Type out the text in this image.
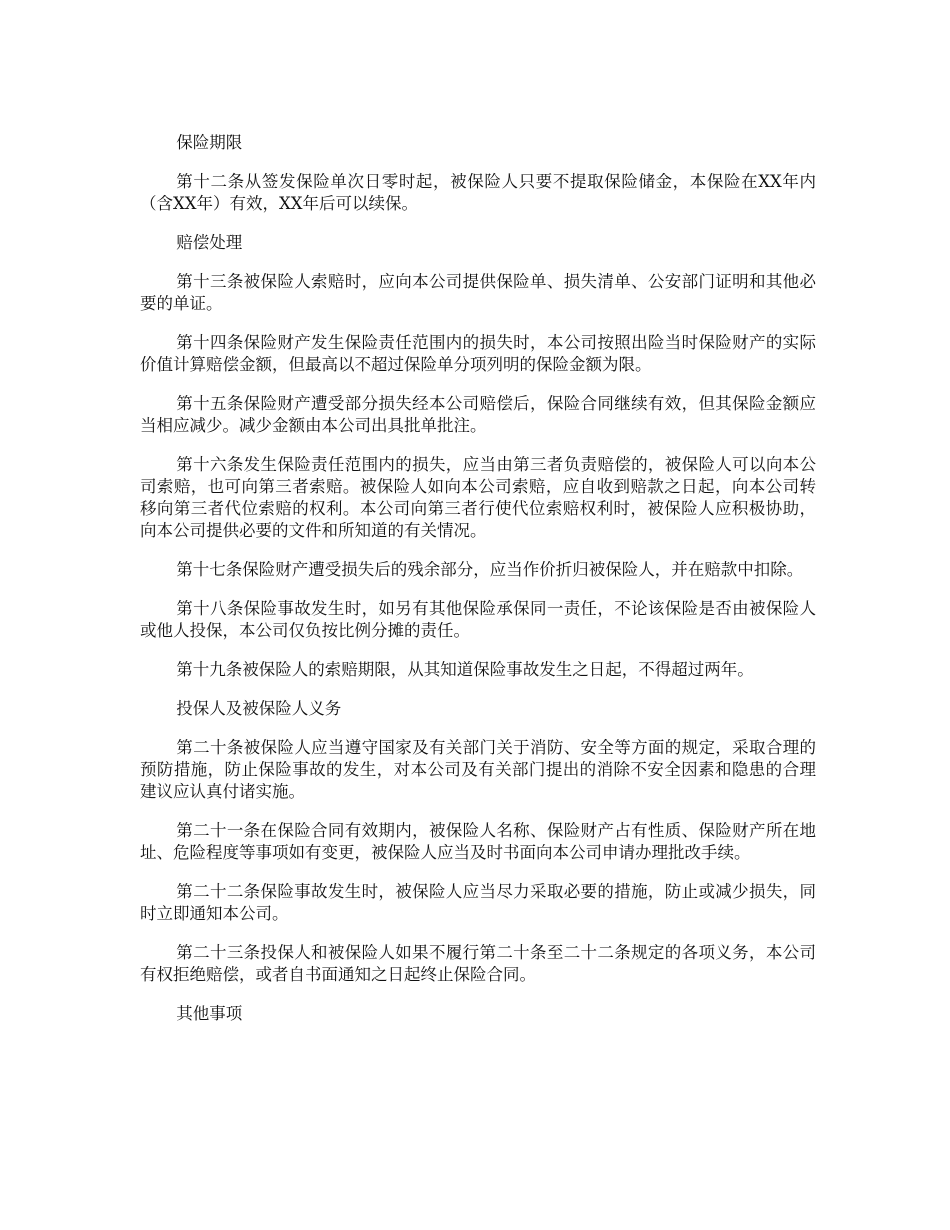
保险期限

第十二条从签发保险单次日零时起，被保险人只要不提取保险储金，本保险在XX年内（含XX年）有效，XX年后可以续保。

赔偿处理

第十三条被保险人索赔时，应向本公司提供保险单、损失清单、公安部门证明和其他必要的单证。

第十四条保险财产发生保险责任范围内的损失时，本公司按照出险当时保险财产的实际价值计算赔偿金额，但最高以不超过保险单分项列明的保险金额为限。

第十五条保险财产遭受部分损失经本公司赔偿后，保险合同继续有效，但其保险金额应当相应减少。减少金额由本公司出具批单批注。

第十六条发生保险责任范围内的损失，应当由第三者负责赔偿的，被保险人可以向本公司索赔，也可向第三者索赔。被保险人如向本公司索赔，应自收到赔款之日起，向本公司转移向第三者代位索赔的权利。本公司向第三者行使代位索赔权利时，被保险人应积极协助，向本公司提供必要的文件和所知道的有关情况。

第十七条保险财产遭受损失后的残余部分，应当作价折归被保险人，并在赔款中扣除。

第十八条保险事故发生时，如另有其他保险承保同一责任，不论该保险是否由被保险人或他人投保，本公司仅负按比例分摊的责任。

第十九条被保险人的索赔期限，从其知道保险事故发生之日起，不得超过两年。

投保人及被保险人义务

第二十条被保险人应当遵守国家及有关部门关于消防、安全等方面的规定，采取合理的预防措施，防止保险事故的发生，对本公司及有关部门提出的消除不安全因素和隐患的合理建议应认真付诸实施。

第二十一条在保险合同有效期内，被保险人名称、保险财产占有性质、保险财产所在地址、危险程度等事项如有变更，被保险人应当及时书面向本公司申请办理批改手续。

第二十二条保险事故发生时，被保险人应当尽力采取必要的措施，防止或减少损失，同时立即通知本公司。

第二十三条投保人和被保险人如果不履行第二十条至二十二条规定的各项义务，本公司有权拒绝赔偿，或者自书面通知之日起终止保险合同。

其他事项
